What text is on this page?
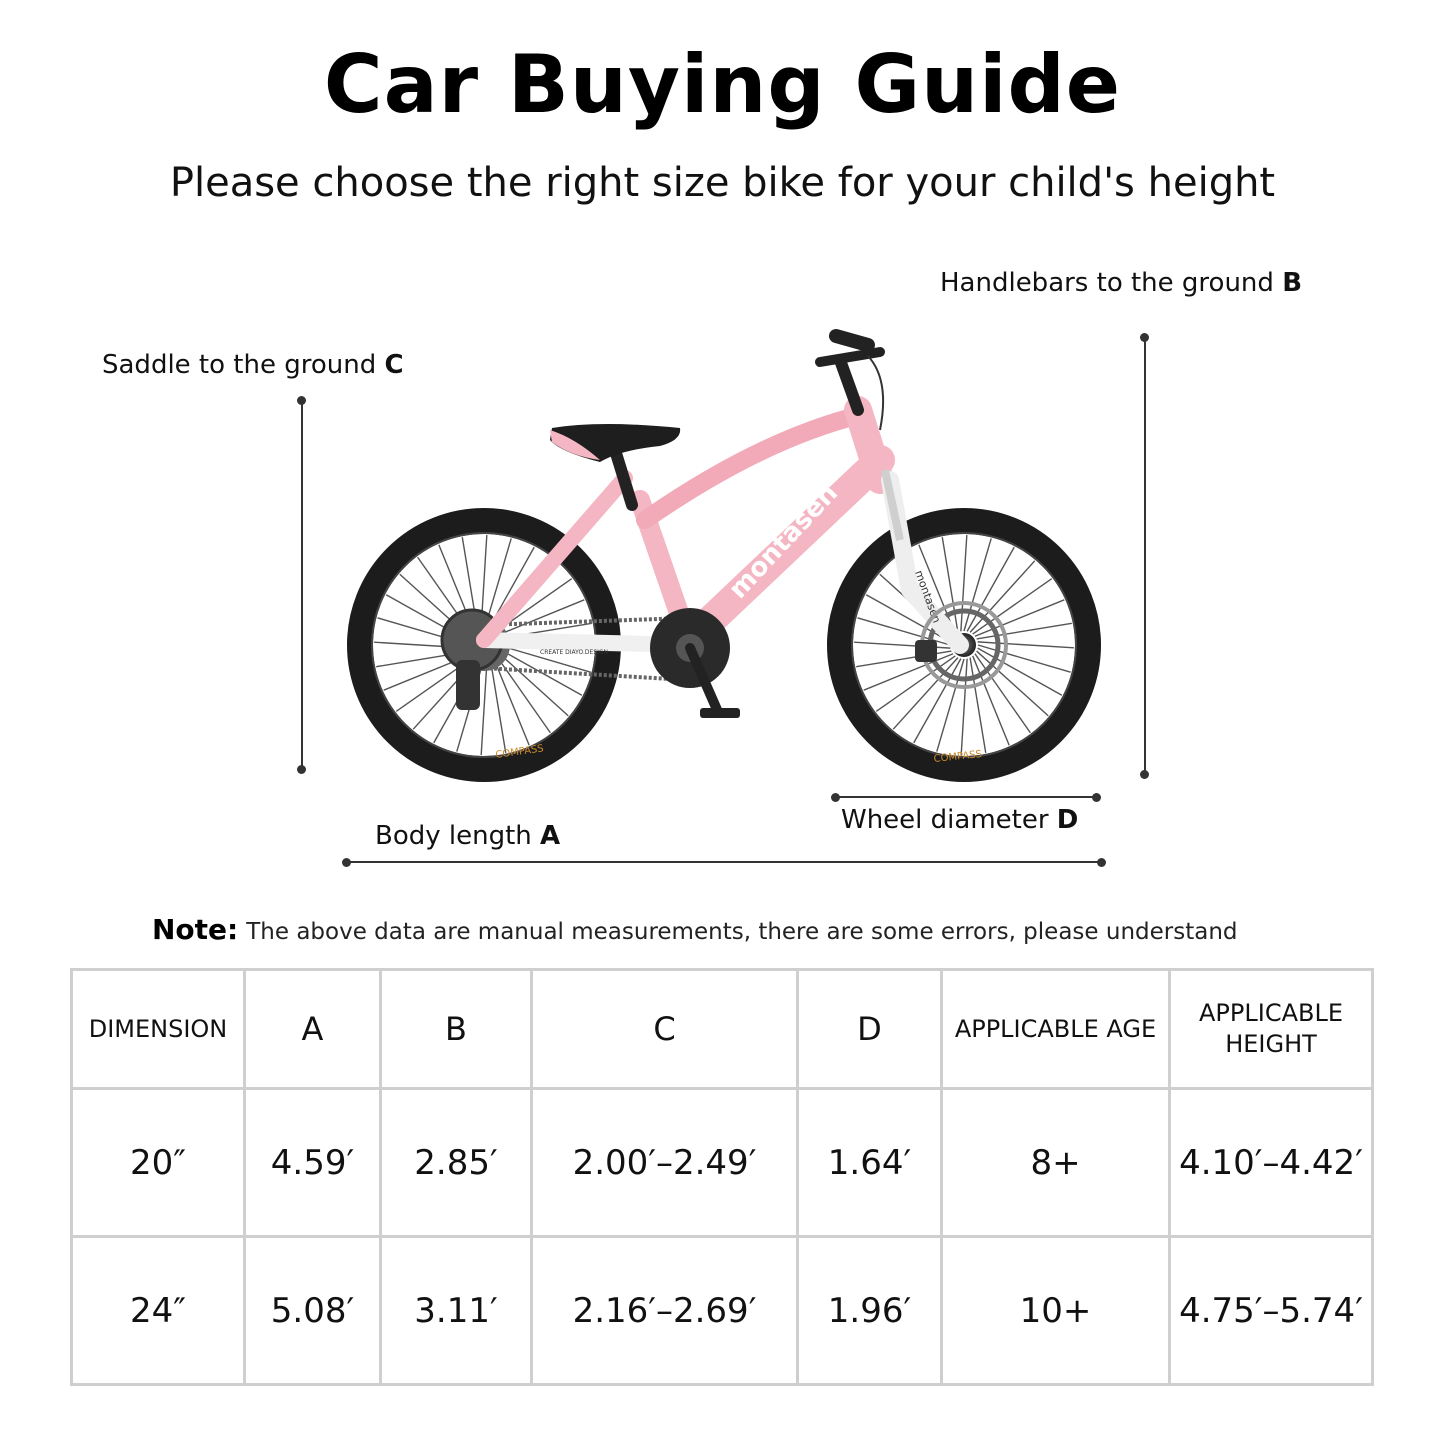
Car Buying Guide
Please choose the right size bike for your child's height
Handlebars to the ground B
Saddle to the ground C
Wheel diameter D
Body length A
COMPASS	COMPASS
CREATE DIAYO.DESIGN
montasen	montasen
Note: The above data are manual measurements, there are some errors, please understand
DIMENSION	A	B	C	D	APPLICABLE AGE	APPLICABLE HEIGHT
20″	4.59′	2.85′	2.00′–2.49′	1.64′	8+	4.10′–4.42′
24″	5.08′	3.11′	2.16′–2.69′	1.96′	10+	4.75′–5.74′
